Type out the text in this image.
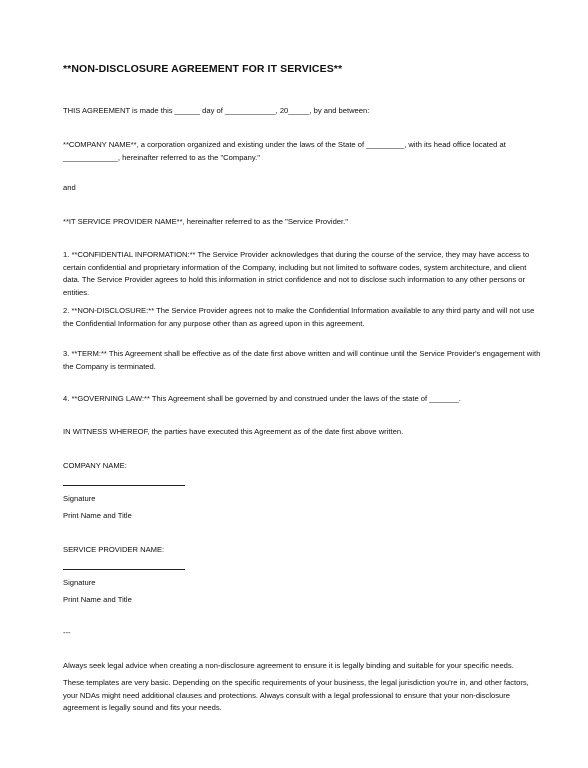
**NON-DISCLOSURE AGREEMENT FOR IT SERVICES**

THIS AGREEMENT is made this ______ day of ____________, 20_____, by and between:

**COMPANY NAME**, a corporation organized and existing under the laws of the State of _________, with its head office located at _____________, hereinafter referred to as the "Company."

and

**IT SERVICE PROVIDER NAME**, hereinafter referred to as the "Service Provider."

1. **CONFIDENTIAL INFORMATION:** The Service Provider acknowledges that during the course of the service, they may have access to certain confidential and proprietary information of the Company, including but not limited to software codes, system architecture, and client data. The Service Provider agrees to hold this information in strict confidence and not to disclose such information to any other persons or entities.

2. **NON-DISCLOSURE:** The Service Provider agrees not to make the Confidential Information available to any third party and will not use the Confidential Information for any purpose other than as agreed upon in this agreement.

3. **TERM:** This Agreement shall be effective as of the date first above written and will continue until the Service Provider's engagement with the Company is terminated.

4. **GOVERNING LAW:** This Agreement shall be governed by and construed under the laws of the state of _______.

IN WITNESS WHEREOF, the parties have executed this Agreement as of the date first above written.

COMPANY NAME:

Signature

Print Name and Title

SERVICE PROVIDER NAME:

Signature

Print Name and Title

---

Always seek legal advice when creating a non-disclosure agreement to ensure it is legally binding and suitable for your specific needs.

These templates are very basic. Depending on the specific requirements of your business, the legal jurisdiction you're in, and other factors, your NDAs might need additional clauses and protections. Always consult with a legal professional to ensure that your non-disclosure agreement is legally sound and fits your needs.
